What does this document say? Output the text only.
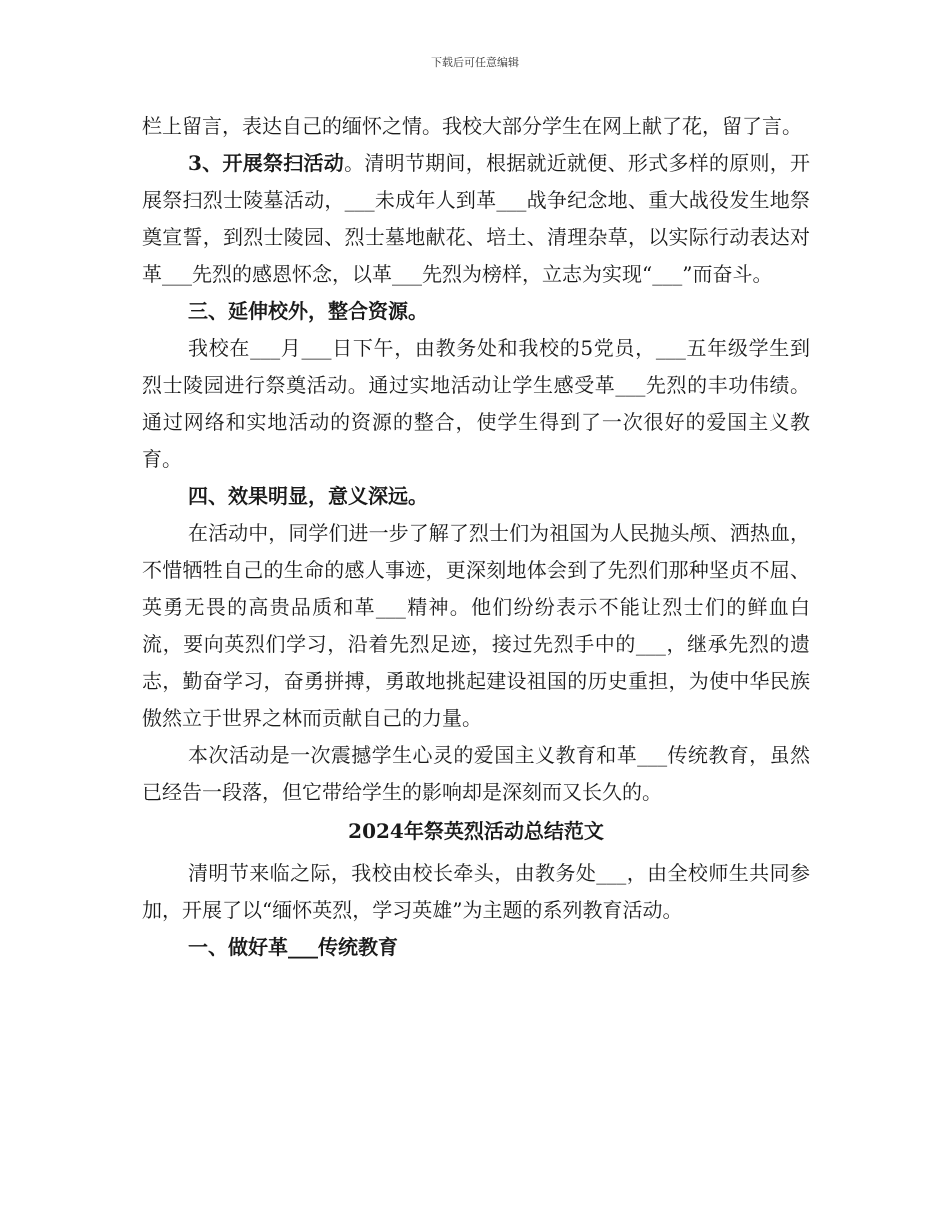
下载后可任意编辑

栏上留言，表达自己的缅怀之情。我校大部分学生在网上献了花，留了言。

3、开展祭扫活动。清明节期间，根据就近就便、形式多样的原则，开展祭扫烈士陵墓活动，___未成年人到革___战争纪念地、重大战役发生地祭奠宣誓，到烈士陵园、烈士墓地献花、培土、清理杂草，以实际行动表达对革___先烈的感恩怀念，以革___先烈为榜样，立志为实现“___”而奋斗。

三、延伸校外，整合资源。

我校在___月___日下午，由教务处和我校的5党员，___五年级学生到烈士陵园进行祭奠活动。通过实地活动让学生感受革___先烈的丰功伟绩。通过网络和实地活动的资源的整合，使学生得到了一次很好的爱国主义教育。

四、效果明显，意义深远。

在活动中，同学们进一步了解了烈士们为祖国为人民抛头颅、洒热血，不惜牺牲自己的生命的感人事迹，更深刻地体会到了先烈们那种坚贞不屈、英勇无畏的高贵品质和革___精神。他们纷纷表示不能让烈士们的鲜血白流，要向英烈们学习，沿着先烈足迹，接过先烈手中的___，继承先烈的遗志，勤奋学习，奋勇拼搏，勇敢地挑起建设祖国的历史重担，为使中华民族傲然立于世界之林而贡献自己的力量。

本次活动是一次震撼学生心灵的爱国主义教育和革___传统教育，虽然已经告一段落，但它带给学生的影响却是深刻而又长久的。

2024年祭英烈活动总结范文

清明节来临之际，我校由校长牵头，由教务处___，由全校师生共同参加，开展了以“缅怀英烈，学习英雄”为主题的系列教育活动。

一、做好革___传统教育
